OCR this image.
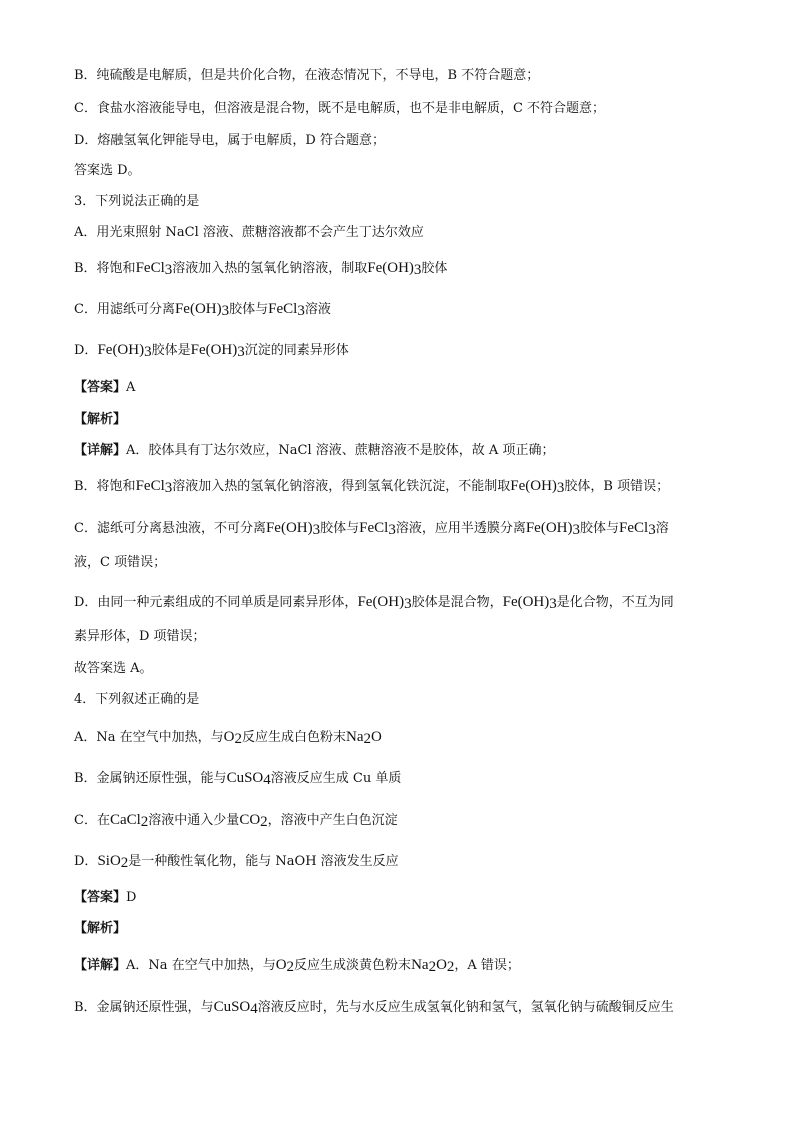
B．纯硫酸是电解质，但是共价化合物，在液态情况下，不导电，B 不符合题意；
C．食盐水溶液能导电，但溶液是混合物，既不是电解质，也不是非电解质，C 不符合题意；
D．熔融氢氧化钾能导电，属于电解质，D 符合题意；
答案选 D。
3．下列说法正确的是
A．用光束照射 NaCl 溶液、蔗糖溶液都不会产生丁达尔效应
B．将饱和FeCl$_3$溶液加入热的氢氧化钠溶液，制取$Fe(OH)_3$胶体
C．用滤纸可分离$Fe(OH)_3$胶体与FeCl$_3$溶液
D．$Fe(OH)_3$胶体是$Fe(OH)_3$沉淀的同素异形体
【答案】A
【解析】
【详解】A．胶体具有丁达尔效应，NaCl 溶液、蔗糖溶液不是胶体，故 A 项正确；
B．将饱和FeCl$_3$溶液加入热的氢氧化钠溶液，得到氢氧化铁沉淀，不能制取$Fe(OH)_3$胶体，B 项错误；
C．滤纸可分离悬浊液，不可分离$Fe(OH)_3$胶体与FeCl$_3$溶液，应用半透膜分离$Fe(OH)_3$胶体与FeCl$_3$溶
液，C 项错误；
D．由同一种元素组成的不同单质是同素异形体，$Fe(OH)_3$胶体是混合物，$Fe(OH)_3$是化合物，不互为同
素异形体，D 项错误；
故答案选 A。
4．下列叙述正确的是
A．Na 在空气中加热，与$O_2$反应生成白色粉末$Na_2O$
B．金属钠还原性强，能与CuSO$_4$溶液反应生成 Cu 单质
C．在CaCl$_2$溶液中通入少量$CO_2$，溶液中产生白色沉淀
D．SiO$_2$是一种酸性氧化物，能与 NaOH 溶液发生反应
【答案】D
【解析】
【详解】A．Na 在空气中加热，与$O_2$反应生成淡黄色粉末$Na_2O_2$，A 错误；
B．金属钠还原性强，与CuSO$_4$溶液反应时，先与水反应生成氢氧化钠和氢气，氢氧化钠与硫酸铜反应生
